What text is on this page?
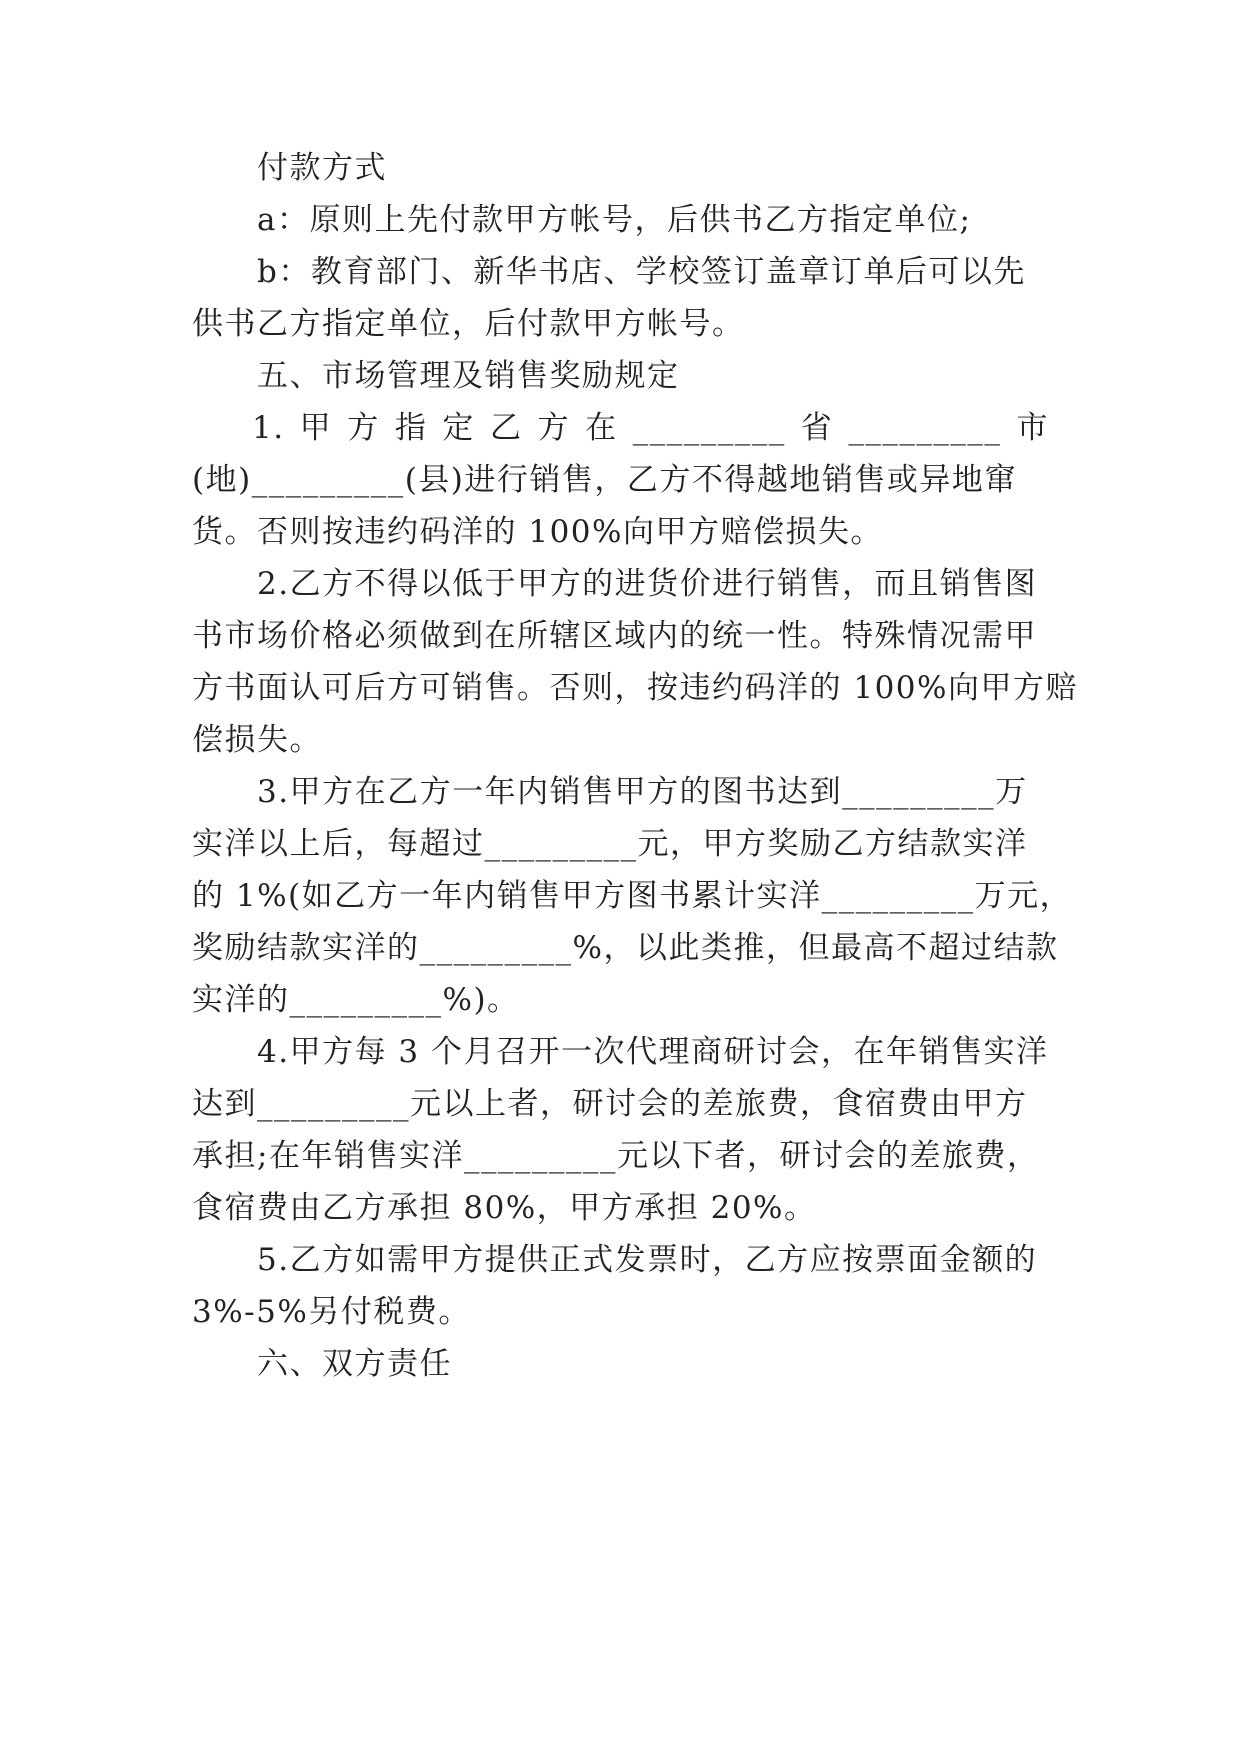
付款方式
a：原则上先付款甲方帐号，后供书乙方指定单位;
b：教育部门、新华书店、学校签订盖章订单后可以先
供书乙方指定单位，后付款甲方帐号。
五、市场管理及销售奖励规定
1. 甲 方 指 定 乙 方 在 _________ 省 _________ 市
(地)_________(县)进行销售，乙方不得越地销售或异地窜
货。否则按违约码洋的 100%向甲方赔偿损失。
2.乙方不得以低于甲方的进货价进行销售，而且销售图
书市场价格必须做到在所辖区域内的统一性。特殊情况需甲
方书面认可后方可销售。否则，按违约码洋的 100%向甲方赔
偿损失。
3.甲方在乙方一年内销售甲方的图书达到_________万
实洋以上后，每超过_________元，甲方奖励乙方结款实洋
的 1%(如乙方一年内销售甲方图书累计实洋_________万元，
奖励结款实洋的_________%，以此类推，但最高不超过结款
实洋的_________%)。
4.甲方每 3 个月召开一次代理商研讨会，在年销售实洋
达到_________元以上者，研讨会的差旅费，食宿费由甲方
承担;在年销售实洋_________元以下者，研讨会的差旅费，
食宿费由乙方承担 80%，甲方承担 20%。
5.乙方如需甲方提供正式发票时，乙方应按票面金额的
3%-5%另付税费。
六、双方责任
